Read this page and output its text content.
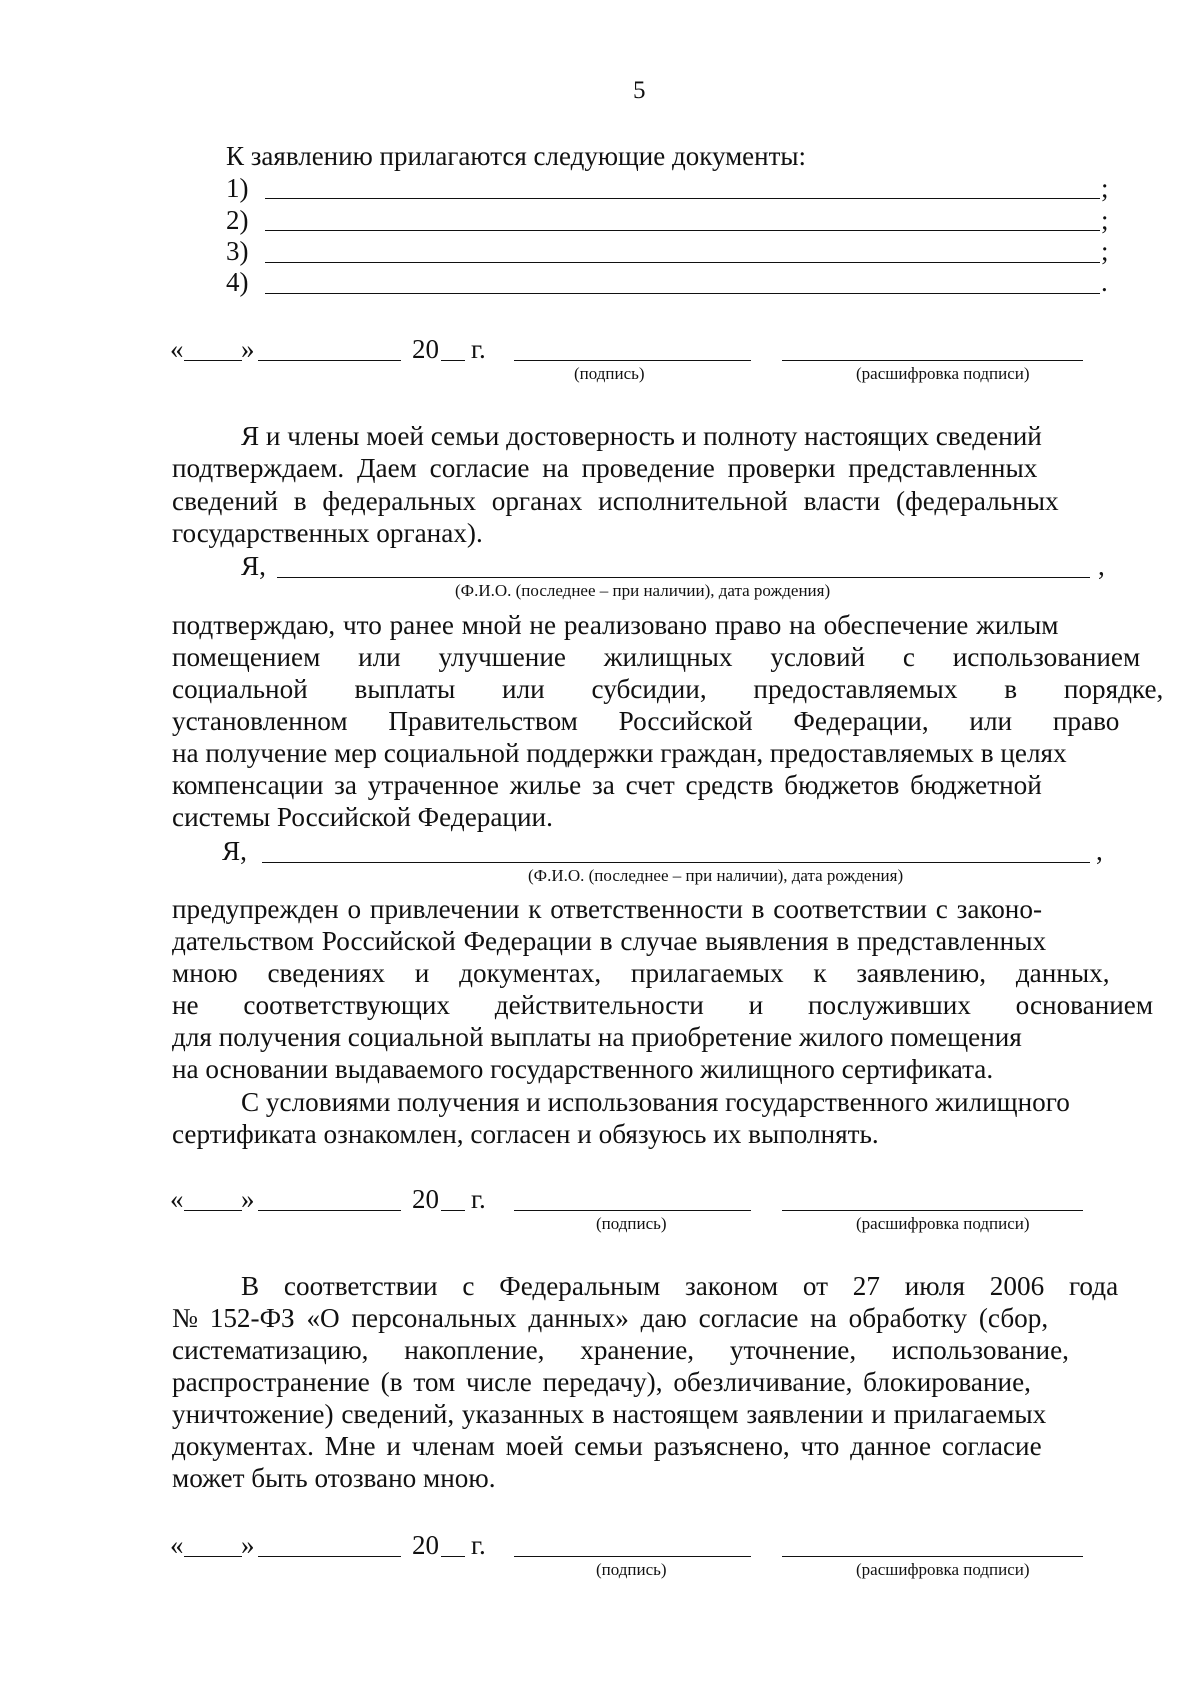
5
К заявлению прилагаются следующие документы:
1)	;
2)	;
3)	;
4)	.
« »	20 г.
(подпись)	(расшифровка подписи)
Я и члены моей семьи достоверность и полноту настоящих сведений
подтверждаем. Даем согласие на проведение проверки представленных
сведений в федеральных органах исполнительной власти (федеральных
государственных органах).
Я,	,
(Ф.И.О. (последнее – при наличии), дата рождения)
подтверждаю, что ранее мной не реализовано право на обеспечение жилым
помещением или улучшение жилищных условий с использованием
социальной выплаты или субсидии, предоставляемых в порядке,
установленном Правительством Российской Федерации, или право
на получение мер социальной поддержки граждан, предоставляемых в целях
компенсации за утраченное жилье за счет средств бюджетов бюджетной
системы Российской Федерации.
Я,	,
(Ф.И.О. (последнее – при наличии), дата рождения)
предупрежден о привлечении к ответственности в соответствии с законо-
дательством Российской Федерации в случае выявления в представленных
мною сведениях и документах, прилагаемых к заявлению, данных,
не соответствующих действительности и послуживших основанием
для получения социальной выплаты на приобретение жилого помещения
на основании выдаваемого государственного жилищного сертификата.
С условиями получения и использования государственного жилищного
сертификата ознакомлен, согласен и обязуюсь их выполнять.
« »	20 г.
(подпись)	(расшифровка подписи)
В соответствии с Федеральным законом от 27 июля 2006 года
№ 152-ФЗ «О персональных данных» даю согласие на обработку (сбор,
систематизацию, накопление, хранение, уточнение, использование,
распространение (в том числе передачу), обезличивание, блокирование,
уничтожение) сведений, указанных в настоящем заявлении и прилагаемых
документах. Мне и членам моей семьи разъяснено, что данное согласие
может быть отозвано мною.
« »	20 г.
(подпись)	(расшифровка подписи)
